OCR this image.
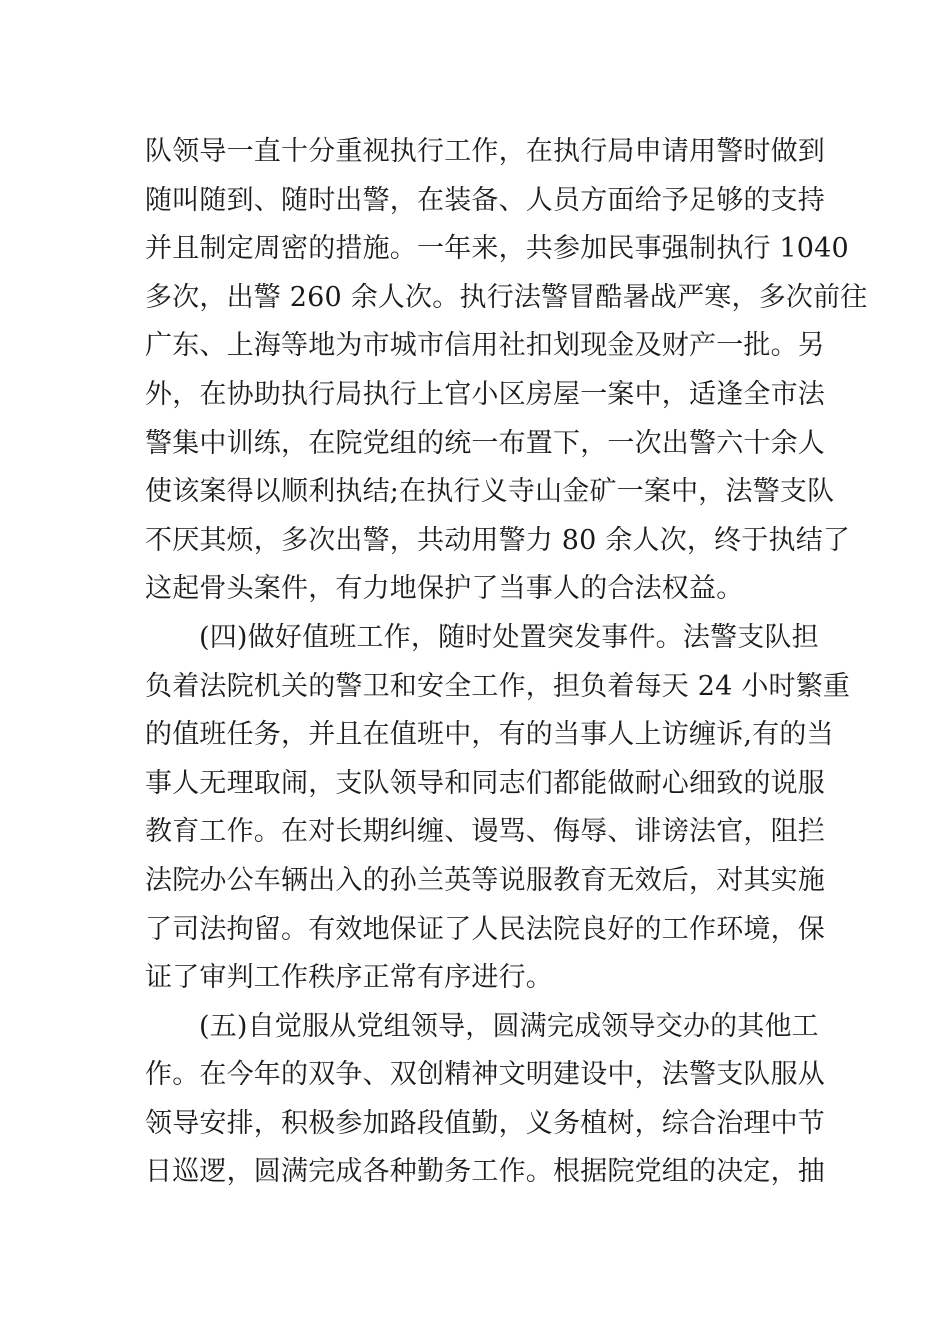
队领导一直十分重视执行工作，在执行局申请用警时做到
随叫随到、随时出警，在装备、人员方面给予足够的支持
并且制定周密的措施。一年来，共参加民事强制执行 1040
多次，出警 260 余人次。执行法警冒酷暑战严寒，多次前往
广东、上海等地为市城市信用社扣划现金及财产一批。另
外，在协助执行局执行上官小区房屋一案中，适逢全市法
警集中训练，在院党组的统一布置下，一次出警六十余人
使该案得以顺利执结;在执行义寺山金矿一案中，法警支队
不厌其烦，多次出警，共动用警力 80 余人次，终于执结了
这起骨头案件，有力地保护了当事人的合法权益。
(四)做好值班工作，随时处置突发事件。法警支队担
负着法院机关的警卫和安全工作，担负着每天 24 小时繁重
的值班任务，并且在值班中，有的当事人上访缠诉,有的当
事人无理取闹，支队领导和同志们都能做耐心细致的说服
教育工作。在对长期纠缠、谩骂、侮辱、诽谤法官，阻拦
法院办公车辆出入的孙兰英等说服教育无效后，对其实施
了司法拘留。有效地保证了人民法院良好的工作环境，保
证了审判工作秩序正常有序进行。
(五)自觉服从党组领导，圆满完成领导交办的其他工
作。在今年的双争、双创精神文明建设中，法警支队服从
领导安排，积极参加路段值勤，义务植树，综合治理中节
日巡逻，圆满完成各种勤务工作。根据院党组的决定，抽
